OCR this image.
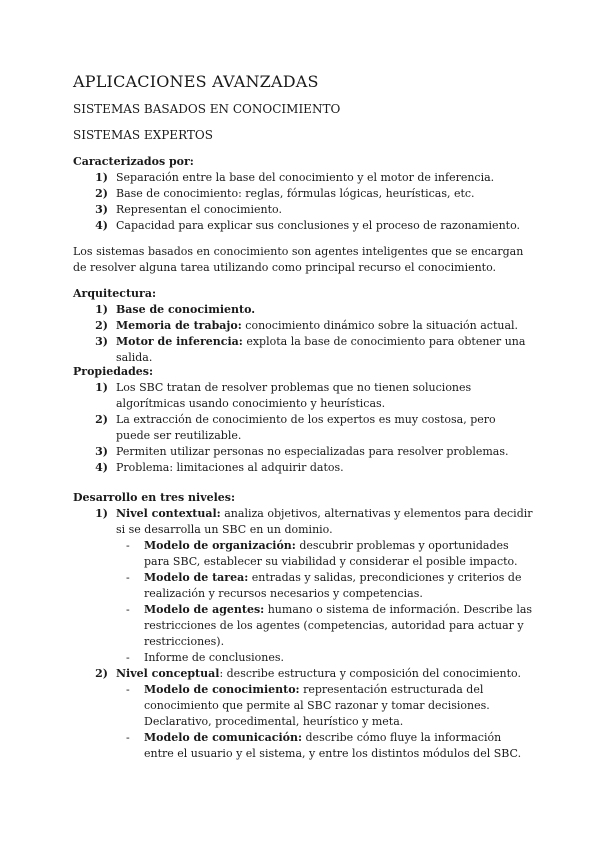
APLICACIONES AVANZADAS
SISTEMAS BASADOS EN CONOCIMIENTO
SISTEMAS EXPERTOS

Caracterizados por:

1) Separación entre la base del conocimiento y el motor de inferencia.
2) Base de conocimiento: reglas, fórmulas lógicas, heurísticas, etc.
3) Representan el conocimiento.
4) Capacidad para explicar sus conclusiones y el proceso de razonamiento.
Los sistemas basados en conocimiento son agentes inteligentes que se encargan de resolver alguna tarea utilizando como principal recurso el conocimiento.

Arquitectura:

1) Base de conocimiento.
2) Memoria de trabajo: conocimiento dinámico sobre la situación actual.
3) Motor de inferencia: explota la base de conocimiento para obtener una salida.

Propiedades:

1) Los SBC tratan de resolver problemas que no tienen soluciones algorítmicas usando conocimiento y heurísticas.
2) La extracción de conocimiento de los expertos es muy costosa, pero puede ser reutilizable.
3) Permiten utilizar personas no especializadas para resolver problemas.
4) Problema: limitaciones al adquirir datos.

Desarrollo en tres niveles:

1) Nivel contextual: analiza objetivos, alternativas y elementos para decidir si se desarrolla un SBC en un dominio.
-	Modelo de organización: descubrir problemas y oportunidades para SBC, establecer su viabilidad y considerar el posible impacto.
-	Modelo de tarea: entradas y salidas, precondiciones y criterios de realización y recursos necesarios y competencias.
-	Modelo de agentes: humano o sistema de información. Describe las restricciones de los agentes (competencias, autoridad para actuar y restricciones).
-	Informe de conclusiones.
2) Nivel conceptual: describe estructura y composición del conocimiento.
-	Modelo de conocimiento: representación estructurada del conocimiento que permite al SBC razonar y tomar decisiones. Declarativo, procedimental, heurístico y meta.
-	Modelo de comunicación: describe cómo fluye la información entre el usuario y el sistema, y entre los distintos módulos del SBC.
